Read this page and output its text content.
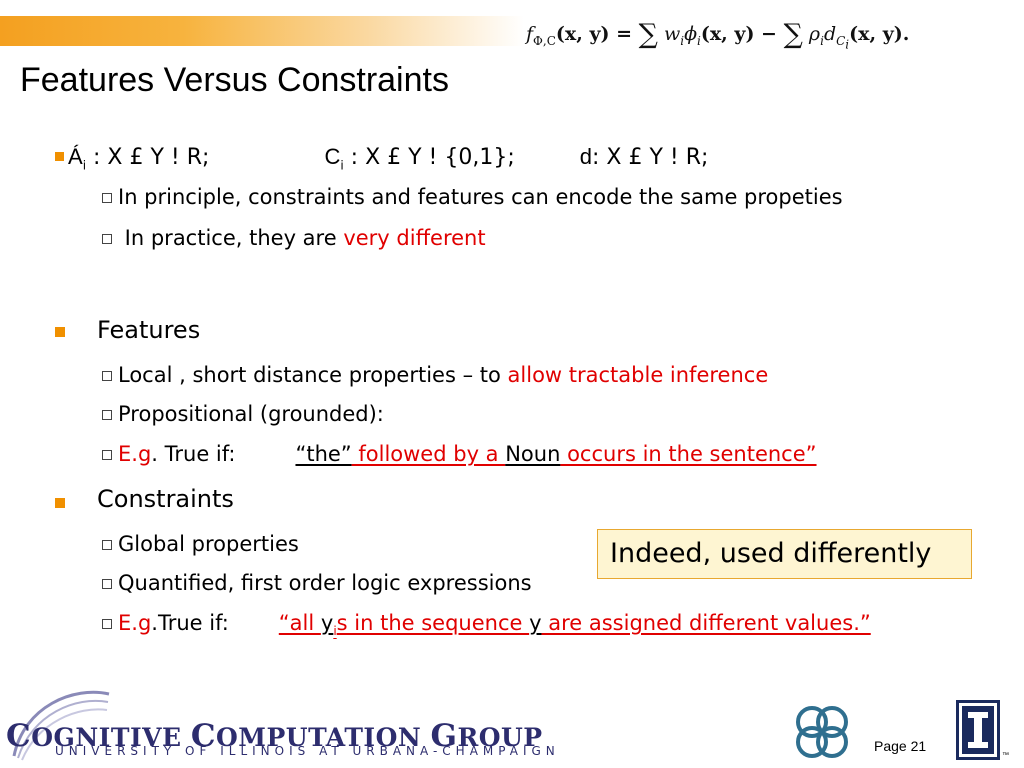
$f_{\Phi,C}(x$, y) = ∑ $w_i\phi_i(x$, y) − ∑ $\rho_id_{C_i}(x$, y).
Features Versus Constraints
$Á_i$ : X £ Y ! R;	$C_i$ : X £ Y ! {0,1};	d: X £ Y ! R;
In principle, constraints and features can encode the same propeties
In practice, they are very different
Features
Local , short distance properties – to allow tractable inference
Propositional (grounded):
E.g. True if:	“the” followed by a Noun occurs in the sentence”
Constraints
Global properties
Quantified, first order logic expressions
E.g.True if: “all $y_is$ in the sequence y are assigned different values.”
Indeed, used differently
COGNITIVE COMPUTATION GROUP
UNIVERSITY OF ILLINOIS AT URBANA-CHAMPAIGN	Page 21
™
